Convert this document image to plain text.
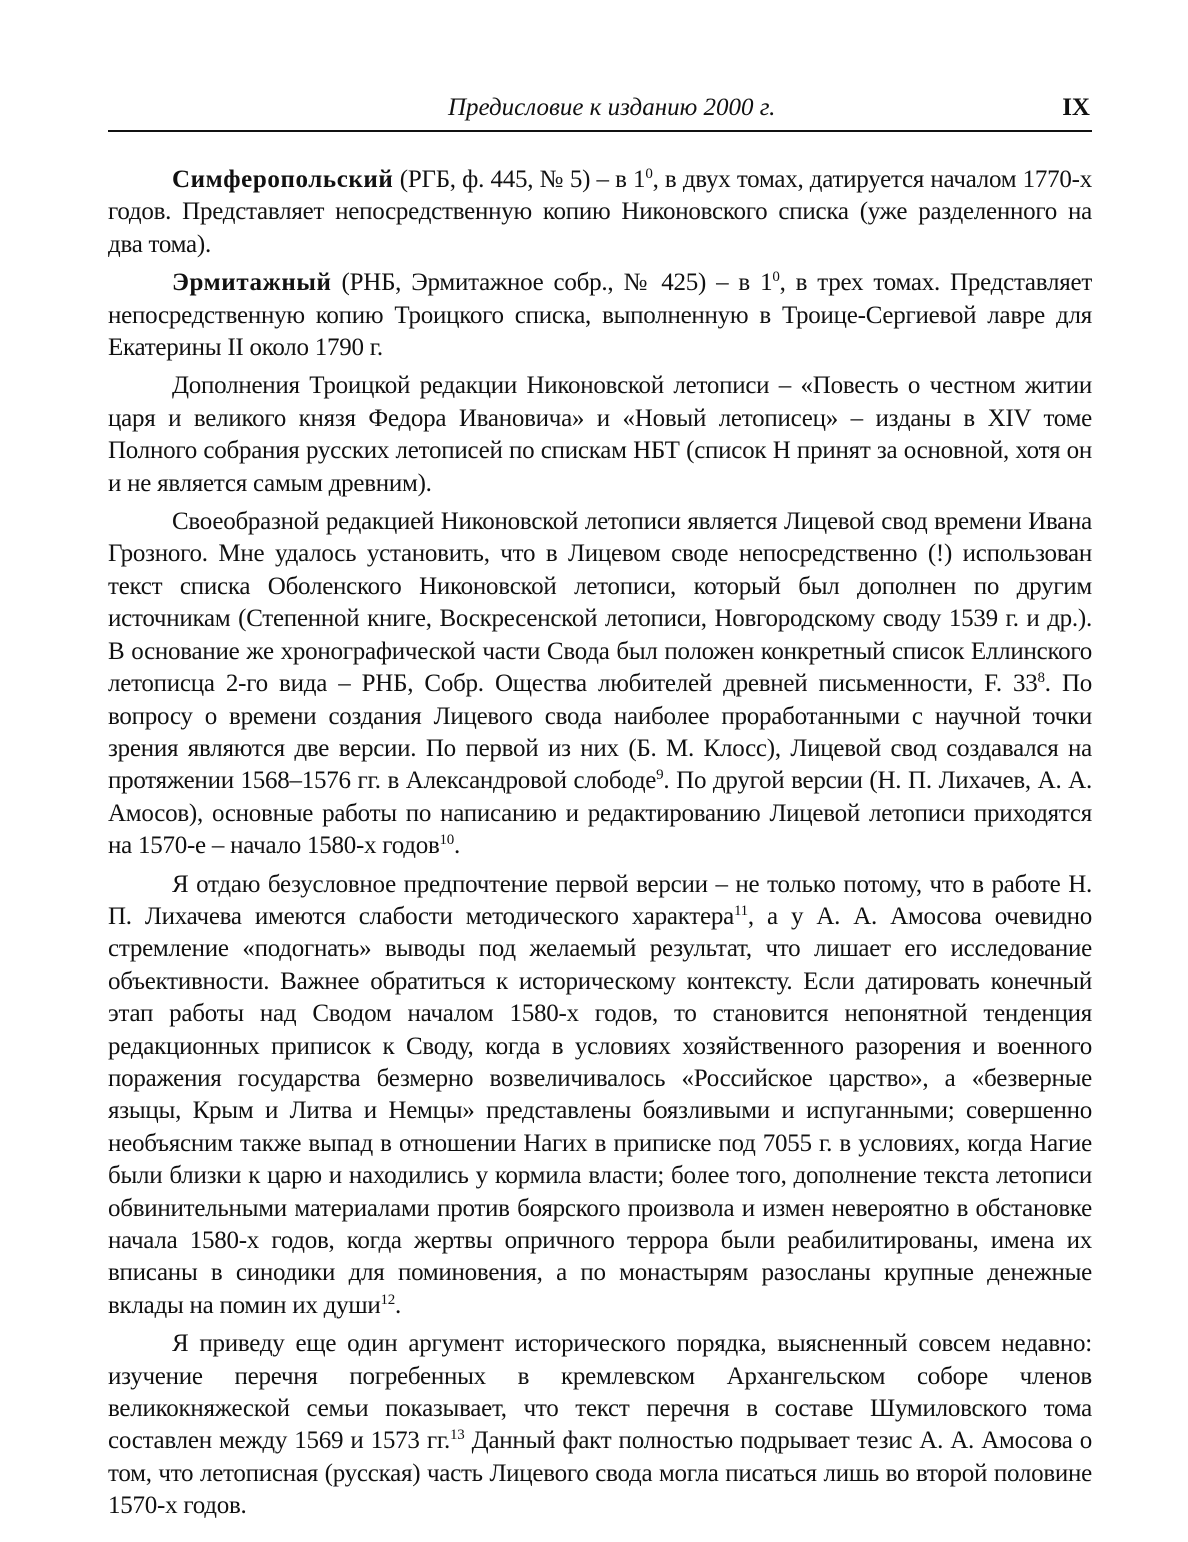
Предисловие к изданию 2000 г.	IX

Симферопольский (РГБ, ф. 445, № 5) – в $1^0$, в двух томах, датируется началом 1770-х годов. Представляет непосредственную копию Никоновского списка (уже разделенного на два тома).

Эрмитажный (РНБ, Эрмитажное собр., № 425) – в $1^0$, в трех томах. Представляет непосредственную копию Троицкого списка, выполненную в Троице-Сергиевой лавре для Екатерины II около 1790 г.

Дополнения Троицкой редакции Никоновской летописи – «Повесть о честном житии царя и великого князя Федора Ивановича» и «Новый летописец» – изданы в XIV томе Полного собрания русских летописей по спискам НБТ (список Н принят за основной, хотя он и не является самым древним).

Своеобразной редакцией Никоновской летописи является Лицевой свод времени Ивана Грозного. Мне удалось установить, что в Лицевом своде непосредственно (!) использован текст списка Оболенского Никоновской летописи, который был дополнен по другим источникам (Степенной книге, Воскресенской летописи, Новгородскому своду 1539 г. и др.). В основание же хронографической части Свода был положен конкретный список Еллинского летописца 2-го вида – РНБ, Собр. Ощества любителей древней письменности, F. $33^8$. По вопросу о времени создания Лицевого свода наиболее проработанными с научной точки зрения являются две версии. По первой из них (Б. М. Клосс), Лицевой свод создавался на протяжении 1568–1576 гг. в Александровой слободе$^9$. По другой версии (Н. П. Лихачев, А. А. Амосов), основные работы по написанию и редактированию Лицевой летописи приходятся на 1570-е – начало 1580-х годов$^{10}$.

Я отдаю безусловное предпочтение первой версии – не только потому, что в работе Н. П. Лихачева имеются слабости методического характера$^{11}$, а у А. А. Амосова очевидно стремление «подогнать» выводы под желаемый результат, что лишает его исследование объективности. Важнее обратиться к историческому контексту. Если датировать конечный этап работы над Сводом началом 1580-х годов, то становится непонятной тенденция редакционных приписок к Своду, когда в условиях хозяйственного разорения и военного поражения государства безмерно возвеличивалось «Российское царство», а «безверные языцы, Крым и Литва и Немцы» представлены боязливыми и испуганными; совершенно необъясним также выпад в отношении Нагих в приписке под 7055 г. в условиях, когда Нагие были близки к царю и находились у кормила власти; более того, дополнение текста летописи обвинительными материалами против боярского произвола и измен невероятно в обстановке начала 1580-х годов, когда жертвы опричного террора были реабилитированы, имена их вписаны в синодики для поминовения, а по монастырям разосланы крупные денежные вклады на помин их души$^{12}$.

Я приведу еще один аргумент исторического порядка, выясненный совсем недавно: изучение перечня погребенных в кремлевском Архангельском соборе членов великокняжеской семьи показывает, что текст перечня в составе Шумиловского тома составлен между 1569 и 1573 гг.$^{13}$ Данный факт полностью подрывает тезис А. А. Амосова о том, что летописная (русская) часть Лицевого свода могла писаться лишь во второй половине 1570-х годов.
